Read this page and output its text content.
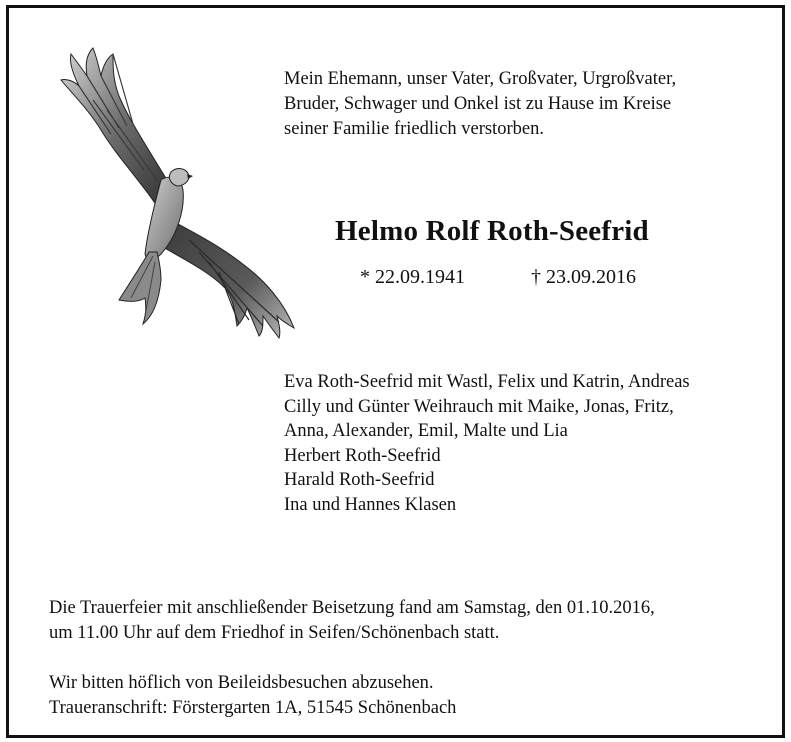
Mein Ehemann, unser Vater, Großvater, Urgroßvater,
Bruder, Schwager und Onkel ist zu Hause im Kreise
seiner Familie friedlich verstorben.
Helmo Rolf Roth-Seefrid
* 22.09.1941	† 23.09.2016
Eva Roth-Seefrid mit Wastl, Felix und Katrin, Andreas
Cilly und Günter Weihrauch mit Maike, Jonas, Fritz,
Anna, Alexander, Emil, Malte und Lia
Herbert Roth-Seefrid
Harald Roth-Seefrid
Ina und Hannes Klasen
Die Trauerfeier mit anschließender Beisetzung fand am Samstag, den 01.10.2016,
um 11.00 Uhr auf dem Friedhof in Seifen/Schönenbach statt.
Wir bitten höflich von Beileidsbesuchen abzusehen.
Traueranschrift: Förstergarten 1A, 51545 Schönenbach
